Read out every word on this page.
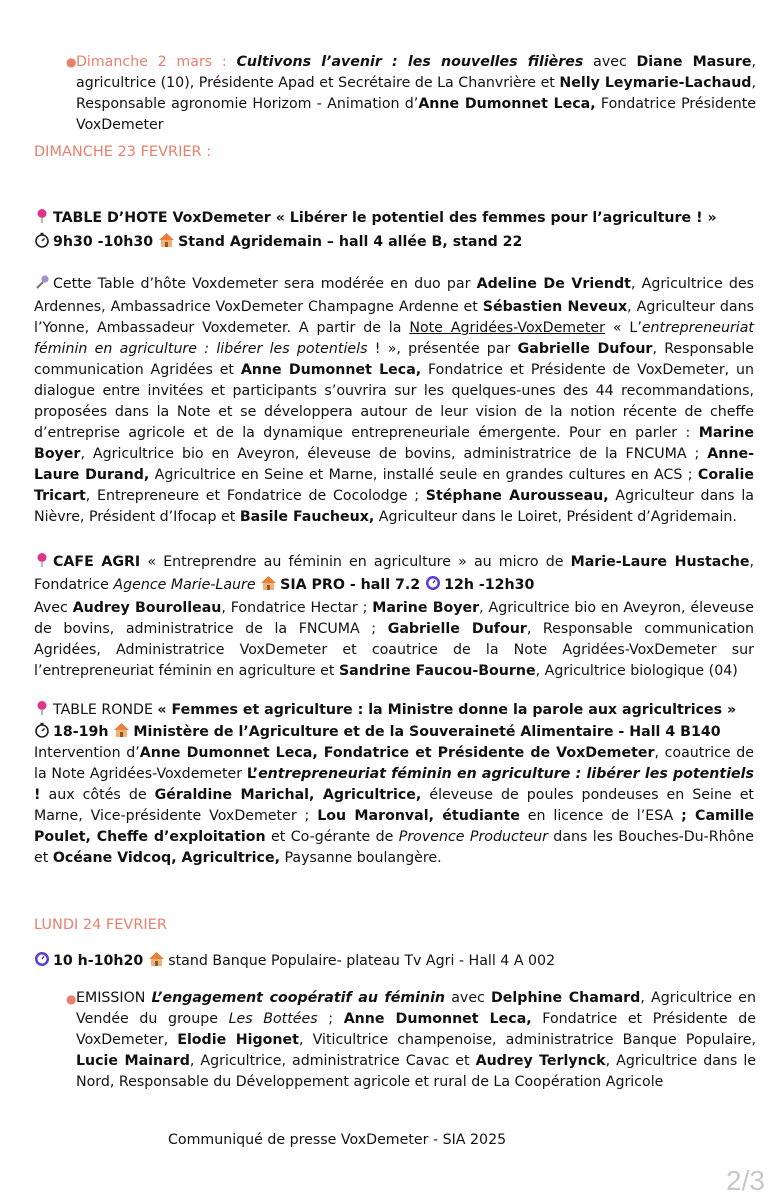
● Dimanche 2 mars : Cultivons l’avenir : les nouvelles filières avec Diane Masure, agricultrice (10), Présidente Apad et Secrétaire de La Chanvrière et Nelly Leymarie-Lachaud, Responsable agronomie Horizom - Animation d’Anne Dumonnet Leca, Fondatrice Présidente VoxDemeter
DIMANCHE 23 FEVRIER :
TABLE D’HOTE VoxDemeter « Libérer le potentiel des femmes pour l’agriculture ! »
9h30 -10h30 Stand Agridemain – hall 4 allée B, stand 22
Cette Table d’hôte Voxdemeter sera modérée en duo par Adeline De Vriendt, Agricultrice des Ardennes, Ambassadrice VoxDemeter Champagne Ardenne et Sébastien Neveux, Agriculteur dans l’Yonne, Ambassadeur Voxdemeter. A partir de la Note Agridées-VoxDemeter « L’entrepreneuriat féminin en agriculture : libérer les potentiels ! », présentée par Gabrielle Dufour, Responsable communication Agridées et Anne Dumonnet Leca, Fondatrice et Présidente de VoxDemeter, un dialogue entre invitées et participants s’ouvrira sur les quelques-unes des 44 recommandations, proposées dans la Note et se développera autour de leur vision de la notion récente de cheffe d’entreprise agricole et de la dynamique entrepreneuriale émergente. Pour en parler : Marine Boyer, Agricultrice bio en Aveyron, éleveuse de bovins, administratrice de la FNCUMA ; Anne-Laure Durand, Agricultrice en Seine et Marne, installé seule en grandes cultures en ACS ; Coralie Tricart, Entrepreneure et Fondatrice de Cocolodge ; Stéphane Aurousseau, Agriculteur dans la Nièvre, Président d’Ifocap et Basile Faucheux, Agriculteur dans le Loiret, Président d’Agridemain.
CAFE AGRI « Entreprendre au féminin en agriculture » au micro de Marie-Laure Hustache, Fondatrice Agence Marie-Laure SIA PRO - hall 7.2 12h -12h30
Avec Audrey Bourolleau, Fondatrice Hectar ; Marine Boyer, Agricultrice bio en Aveyron, éleveuse de bovins, administratrice de la FNCUMA ; Gabrielle Dufour, Responsable communication Agridées, Administratrice VoxDemeter et coautrice de la Note Agridées-VoxDemeter sur l’entrepreneuriat féminin en agriculture et Sandrine Faucou-Bourne, Agricultrice biologique (04)
TABLE RONDE « Femmes et agriculture : la Ministre donne la parole aux agricultrices »
18-19h Ministère de l’Agriculture et de la Souveraineté Alimentaire - Hall 4 B140
Intervention d’Anne Dumonnet Leca, Fondatrice et Présidente de VoxDemeter, coautrice de la Note Agridées-Voxdemeter L’entrepreneuriat féminin en agriculture : libérer les potentiels ! aux côtés de Géraldine Marichal, Agricultrice, éleveuse de poules pondeuses en Seine et Marne, Vice-présidente VoxDemeter ; Lou Maronval, étudiante en licence de l’ESA ; Camille Poulet, Cheffe d’exploitation et Co-gérante de Provence Producteur dans les Bouches-Du-Rhône et Océane Vidcoq, Agricultrice, Paysanne boulangère.
LUNDI 24 FEVRIER
10 h-10h20 stand Banque Populaire- plateau Tv Agri - Hall 4 A 002
● EMISSION L’engagement coopératif au féminin avec Delphine Chamard, Agricultrice en Vendée du groupe Les Bottées ; Anne Dumonnet Leca, Fondatrice et Présidente de VoxDemeter, Elodie Higonet, Viticultrice champenoise, administratrice Banque Populaire, Lucie Mainard, Agricultrice, administratrice Cavac et Audrey Terlynck, Agricultrice dans le Nord, Responsable du Développement agricole et rural de La Coopération Agricole
Communiqué de presse VoxDemeter - SIA 2025
2/3
